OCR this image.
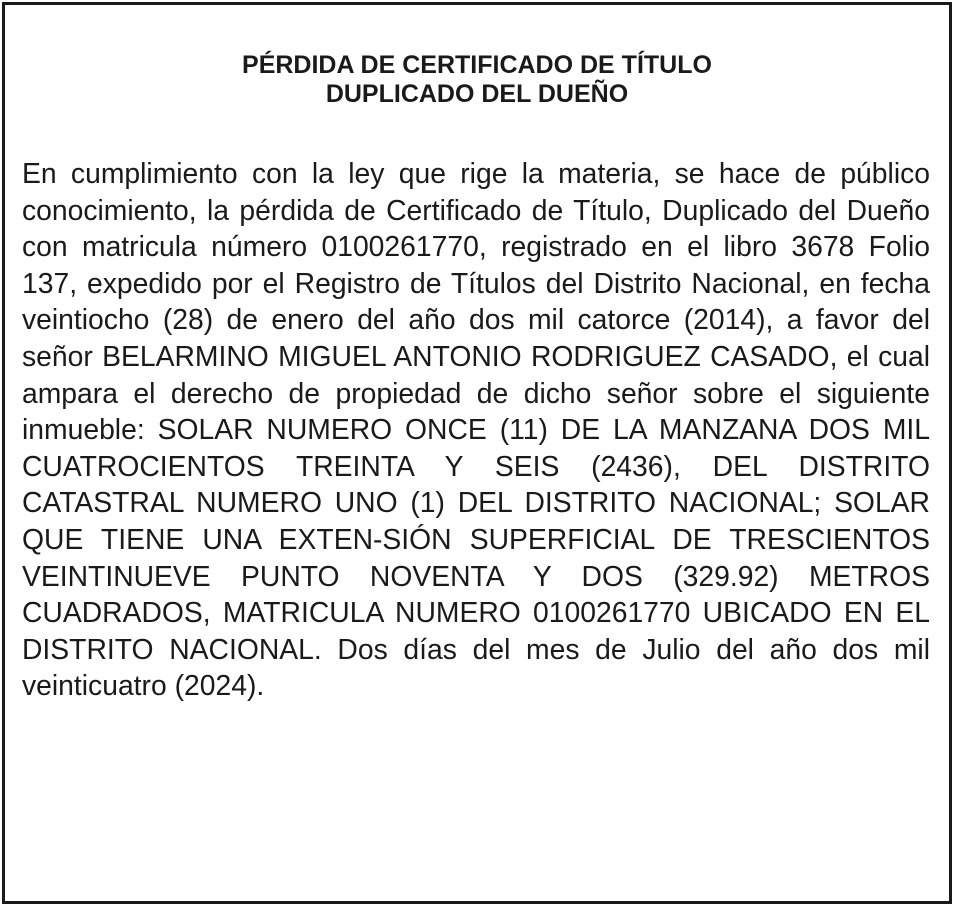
PÉRDIDA DE CERTIFICADO DE TÍTULO
DUPLICADO DEL DUEÑO

En cumplimiento con la ley que rige la materia, se hace de público conocimiento, la pérdida de Certificado de Título, Duplicado del Dueño con matricula número 0100261770, registrado en el libro 3678 Folio 137, expedido por el Registro de Títulos del Distrito Nacional, en fecha veintiocho (28) de enero del año dos mil catorce (2014), a favor del señor BELARMINO MIGUEL ANTONIO RODRIGUEZ CASADO, el cual ampara el derecho de propiedad de dicho señor sobre el siguiente inmueble: SOLAR NUMERO ONCE (11) DE LA MANZANA DOS MIL CUATROCIENTOS TREINTA Y SEIS (2436), DEL DISTRITO CATASTRAL NUMERO UNO (1) DEL DISTRITO NACIONAL; SOLAR QUE TIENE UNA EXTEN-SIÓN SUPERFICIAL DE TRESCIENTOS VEINTINUEVE PUNTO NOVENTA Y DOS (329.92) METROS CUADRADOS, MATRICULA NUMERO 0100261770 UBICADO EN EL DISTRITO NACIONAL. Dos días del mes de Julio del año dos mil veinticuatro (2024).
